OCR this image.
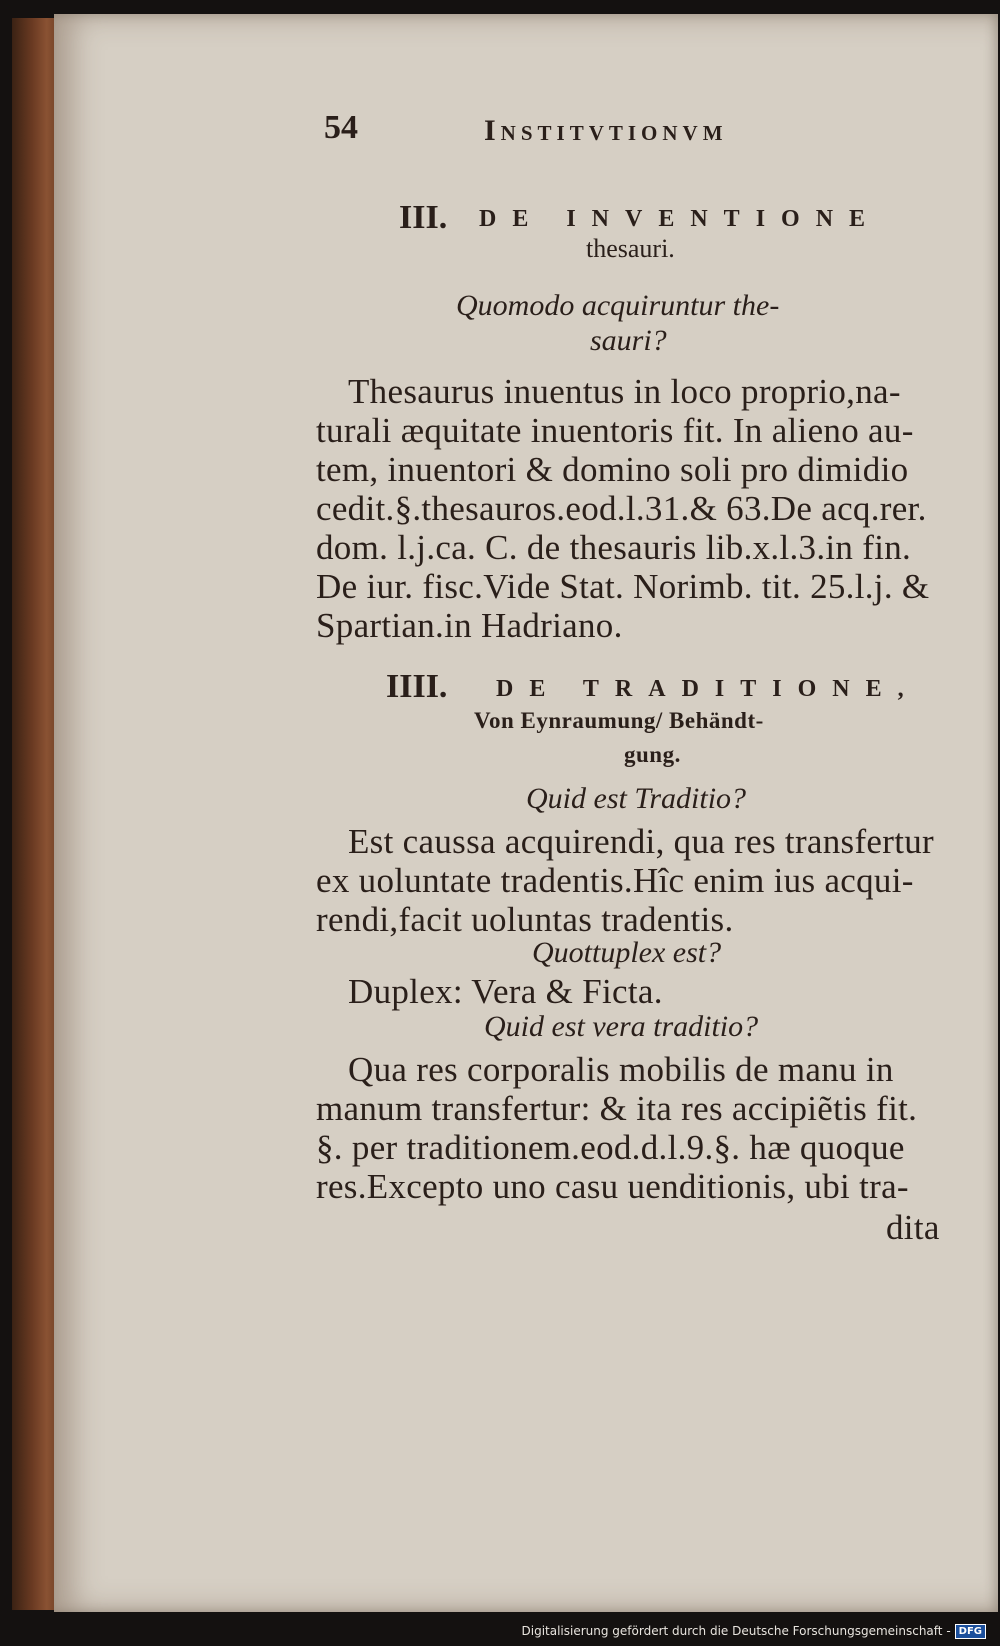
54	Institvtionvm
III. DE INVENTIONE
thesauri.
Quomodo acquiruntur the-
sauri?
Thesaurus inuentus in loco proprio,na-
turali æquitate inuentoris fit. In alieno au-
tem, inuentori & domino soli pro dimidio
cedit.§.thesauros.eod.l.31.& 63.De acq.rer.
dom. l.j.ca. C. de thesauris lib.x.l.3.in fin.
De iur. fisc.Vide Stat. Norimb. tit. 25.l.j. &
Spartian.in Hadriano.
IIII. DE TRADITIONE,
Von Eynraumung/ Behändt-
gung.
Quid est Traditio?
Est caussa acquirendi, qua res transfertur
ex uoluntate tradentis.Hîc enim ius acqui-
rendi,facit uoluntas tradentis.
Quottuplex est?
Duplex: Vera & Ficta.
Quid est vera traditio?
Qua res corporalis mobilis de manu in
manum transfertur: & ita res accipiẽtis fit.
§. per traditionem.eod.d.l.9.§. hæ quoque
res.Excepto uno casu uenditionis, ubi tra-
dita
Digitalisierung gefördert durch die Deutsche Forschungsgemeinschaft - DFG
